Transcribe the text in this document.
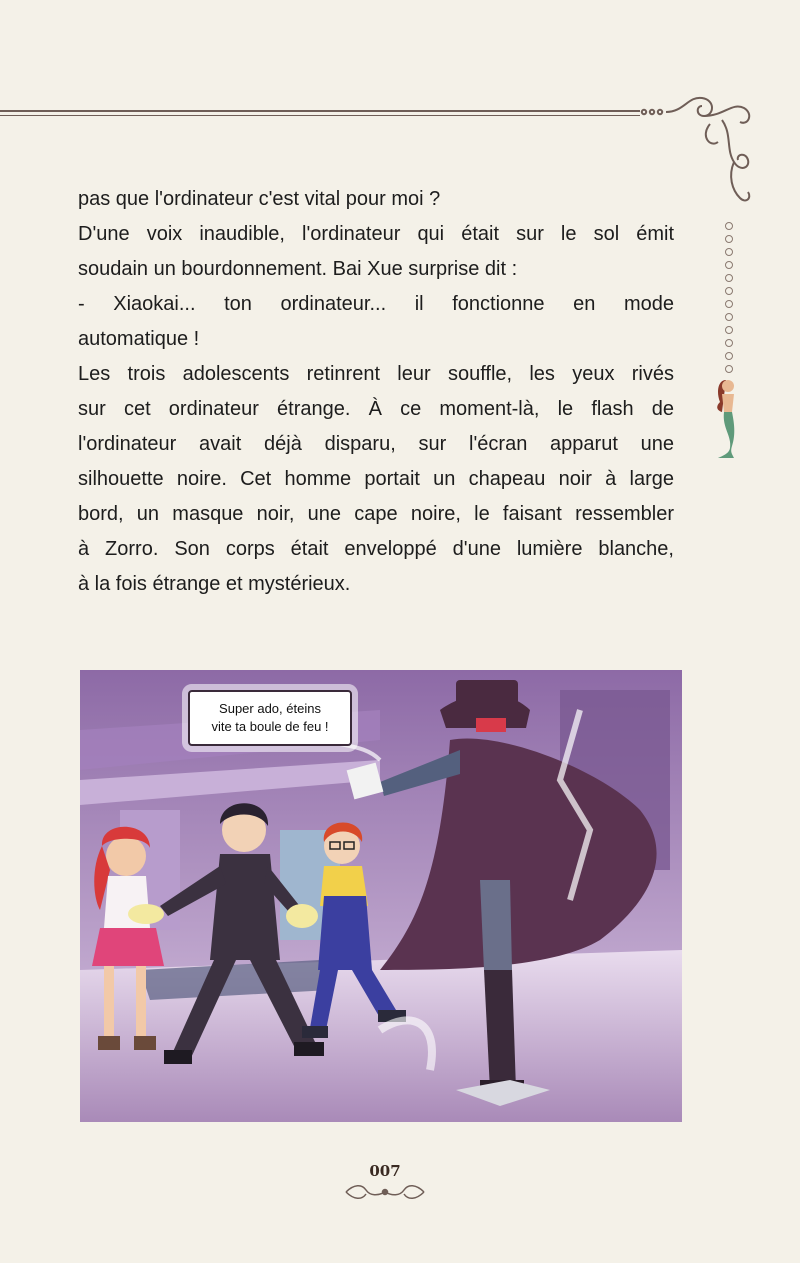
pas que l'ordinateur c'est vital pour moi ?
D'une voix inaudible, l'ordinateur qui était sur le sol émit
soudain un bourdonnement. Bai Xue surprise dit :
- Xiaokai... ton ordinateur... il fonctionne en mode
automatique !
Les trois adolescents retinrent leur souffle, les yeux rivés
sur cet ordinateur étrange. À ce moment-là, le flash de
l'ordinateur avait déjà disparu, sur l'écran apparut une
silhouette noire. Cet homme portait un chapeau noir à large
bord, un masque noir, une cape noire, le faisant ressembler
à Zorro. Son corps était enveloppé d'une lumière blanche,
à la fois étrange et mystérieux.
Super ado, éteins
vite ta boule de feu !
007
